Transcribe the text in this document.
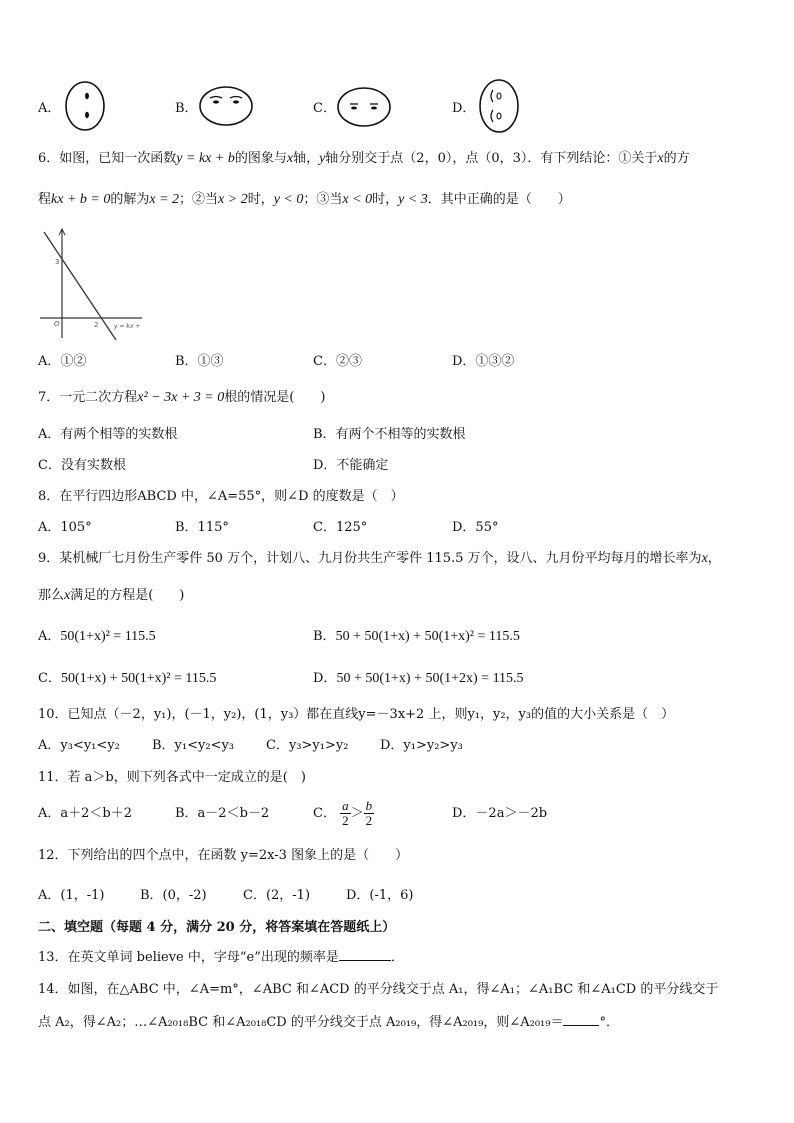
A．	B．	C．	D．
6．如图，已知一次函数y = kx + b的图象与x轴，y轴分别交于点（2，0），点（0，3）．有下列结论：①关于x的方
程kx + b = 0的解为x = 2；②当x > 2时，y < 0；③当x < 0时，y < 3．其中正确的是（　　）
3
O	2	y = kx +
A．①②	B．①③	C．②③	D．①③②
7．一元二次方程x² − 3x + 3 = 0根的情况是(　　)
A．有两个相等的实数根	B．有两个不相等的实数根
C．没有实数根	D．不能确定
8．在平行四边形ABCD 中，∠A=55°，则∠D 的度数是（　）
A．105°	B．115°	C．125°	D．55°
9．某机械厂七月份生产零件 50 万个，计划八、九月份共生产零件 115.5 万个，设八、九月份平均每月的增长率为x，
那么x满足的方程是(　　)
A．50(1+x)² = 115.5	B．50 + 50(1+x) + 50(1+x)² = 115.5
C．50(1+x) + 50(1+x)² = 115.5	D．50 + 50(1+x) + 50(1+2x) = 115.5
10．已知点（－2，y₁)，(－1，y₂)，(1，y₃）都在直线y=－3x+2 上，则y₁，y₂，y₃的值的大小关系是（　）
A．y₃<y₁<y₂ B．y₁<y₂<y₃ C．y₃>y₁>y₂ D．y₁>y₂>y₃
11．若 a＞b，则下列各式中一定成立的是(　)
A．a＋2＜b＋2	B．a－2＜b－2	C． $\frac{a}{2} > \frac{b}{2}$	D．－2a＞－2b
12．下列给出的四个点中，在函数 y=2x-3 图象上的是（　　）
A．(1，-1)	B．(0，-2)	C．(2，-1)	D．(-1，6)
二、填空题（每题 4 分，满分 20 分，将答案填在答题纸上）
13．在英文单词 believe 中，字母“e”出现的频率是	．
14．如图，在△ABC 中，∠A=m°，∠ABC 和∠ACD 的平分线交于点 A₁，得∠A₁；∠A₁BC 和∠A₁CD 的平分线交于
点 A₂，得∠A₂；…∠A₂₀₁₈BC 和∠A₂₀₁₈CD 的平分线交于点 A₂₀₁₉，得∠A₂₀₁₉，则∠A₂₀₁₉＝	°．
